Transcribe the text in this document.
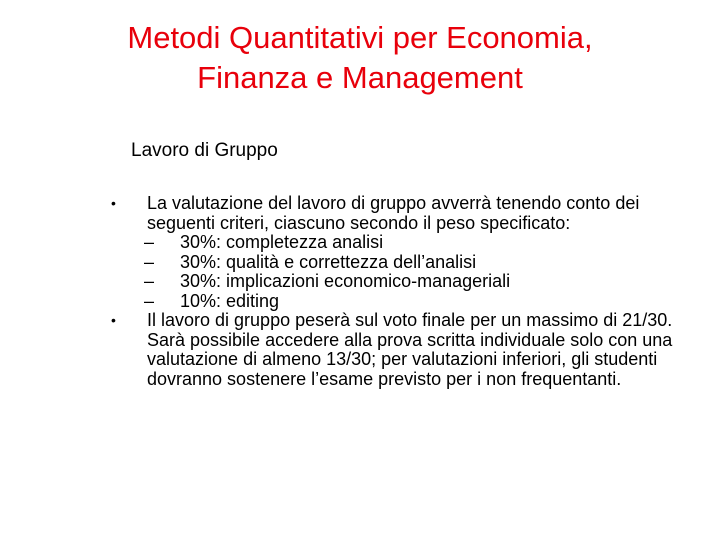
Metodi Quantitativi per Economia,
Finanza e Management
Lavoro di Gruppo
• La valutazione del lavoro di gruppo avverrà tenendo conto dei seguenti criteri, ciascuno secondo il peso specificato:
– 30%: completezza analisi
– 30%: qualità e correttezza dell’analisi
– 30%: implicazioni economico-manageriali
– 10%: editing
• Il lavoro di gruppo peserà sul voto finale per un massimo di 21/30. Sarà possibile accedere alla prova scritta individuale solo con una valutazione di almeno 13/30; per valutazioni inferiori, gli studenti dovranno sostenere l’esame previsto per i non frequentanti.
